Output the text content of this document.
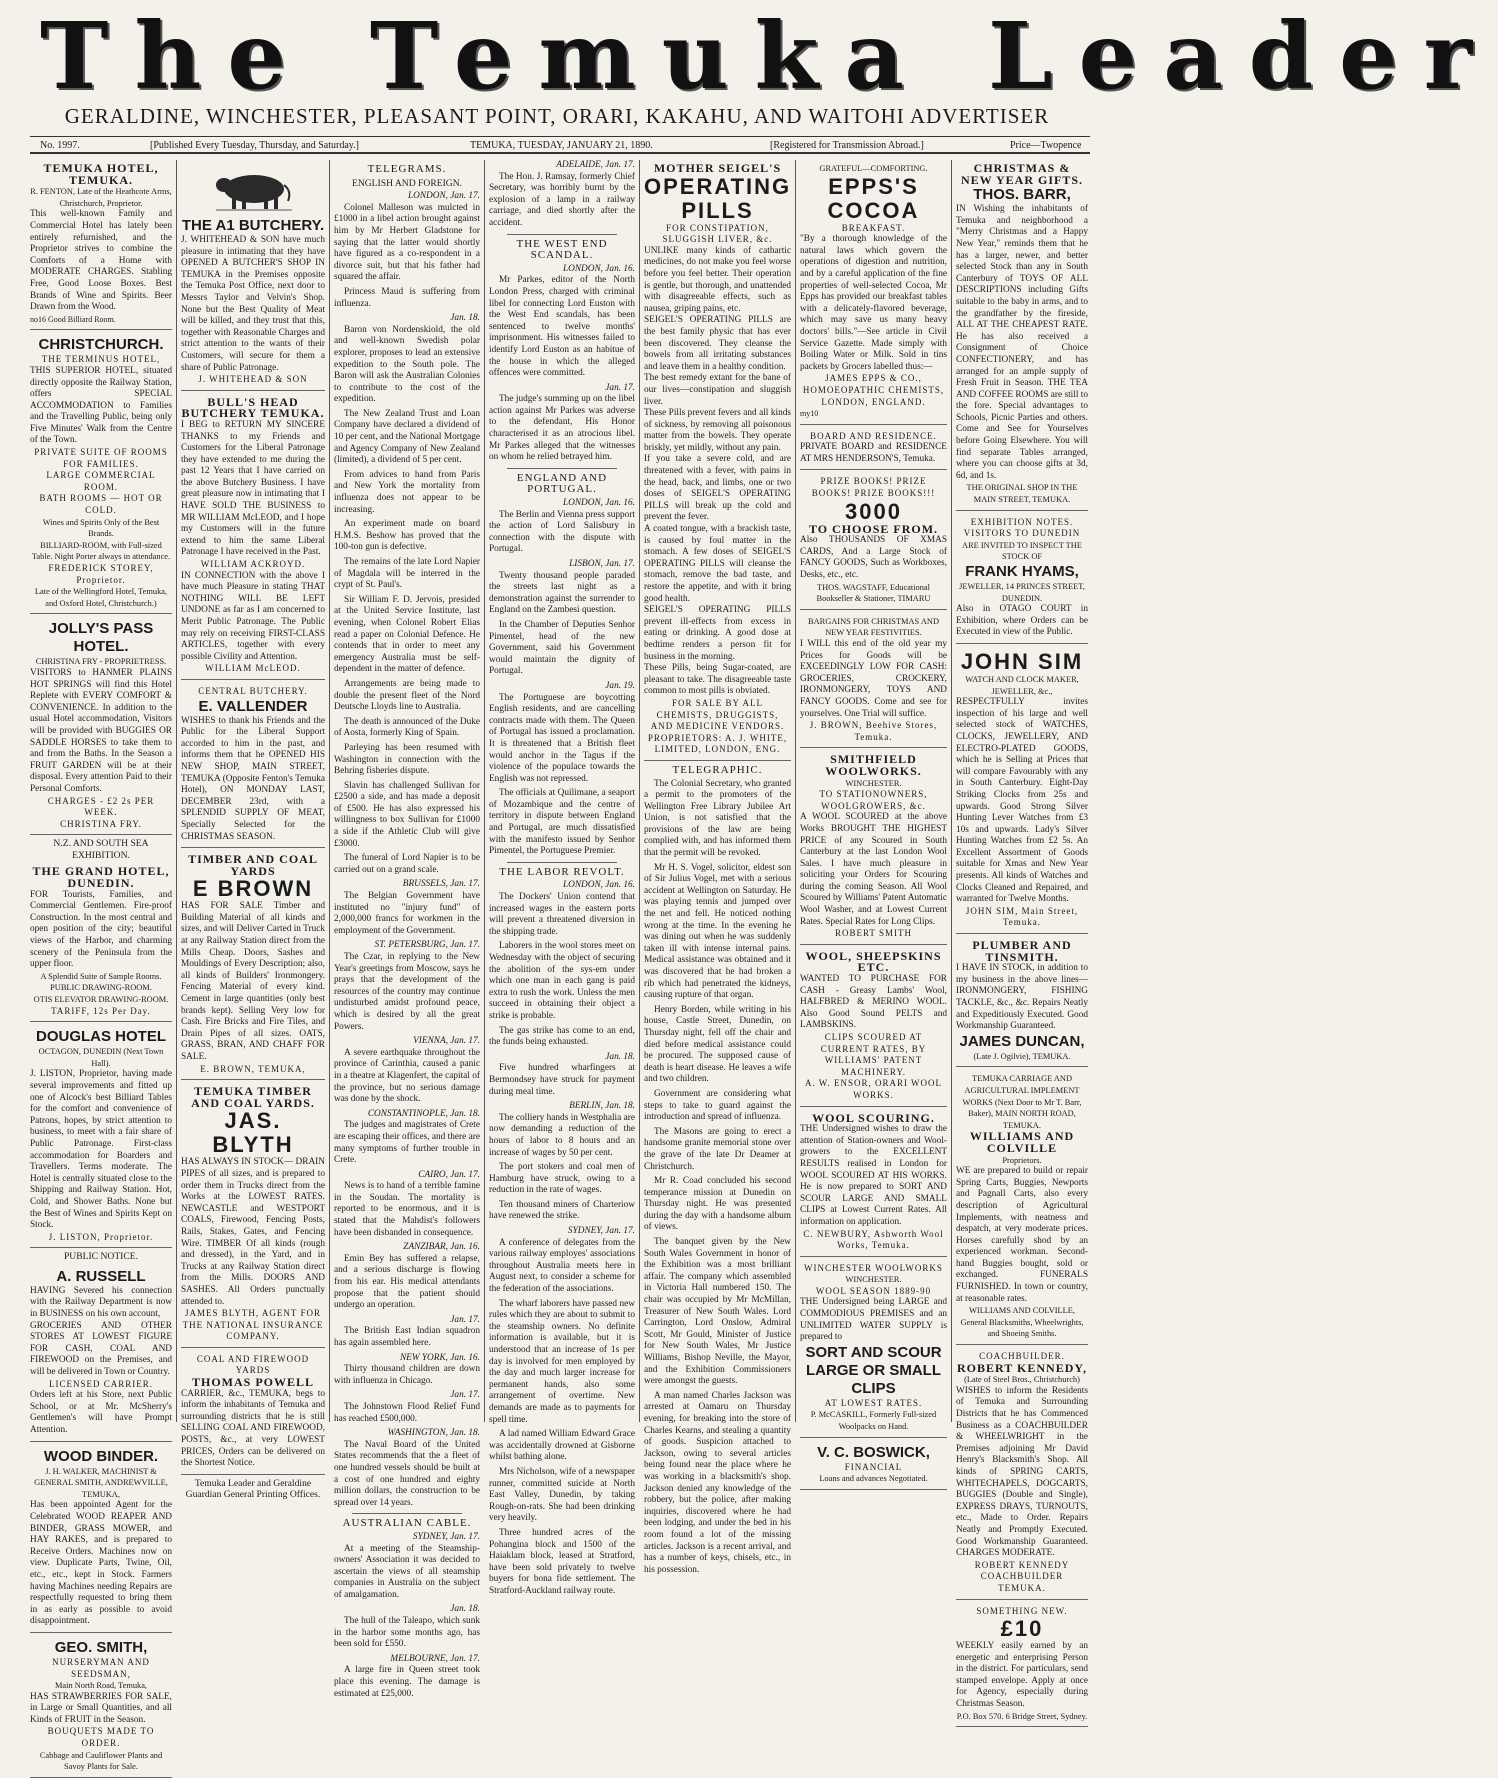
The Temuka Leader
GERALDINE, WINCHESTER, PLEASANT POINT, ORARI, KAKAHU, AND WAITOHI ADVERTISER
No. 1997.	[Published Every Tuesday, Thursday, and Saturday.]	TEMUKA, TUESDAY, JANUARY 21, 1890.	[Registered for Transmission Abroad.]	Price—Twopence
TEMUKA HOTEL, TEMUKA.
R. FENTON, Late of the Heathcote Arms, Christchurch, Proprietor.
This well-known Family and Commercial Hotel has lately been entirely refurnished, and the Proprietor strives to combine the Comforts of a Home with MODERATE CHARGES. Stabling Free, Good Loose Boxes. Best Brands of Wine and Spirits. Beer Drawn from the Wood.
no16 Good Billiard Room.
CHRISTCHURCH.
THE TERMINUS HOTEL,
THIS SUPERIOR HOTEL, situated directly opposite the Railway Station, offers SPECIAL ACCOMMODATION to Families and the Travelling Public, being only Five Minutes' Walk from the Centre of the Town.
PRIVATE SUITE OF ROOMS FOR FAMILIES.
LARGE COMMERCIAL ROOM.
BATH ROOMS — HOT OR COLD.
Wines and Spirits Only of the Best Brands.
BILLIARD-ROOM, with Full-sized Table. Night Porter always in attendance.
FREDERICK STOREY, Proprietor.
Late of the Wellingford Hotel, Temuka, and Oxford Hotel, Christchurch.)
JOLLY'S PASS HOTEL.
CHRISTINA FRY - PROPRIETRESS.
VISITORS to HANMER PLAINS HOT SPRINGS will find this Hotel Replete with EVERY COMFORT & CONVENIENCE. In addition to the usual Hotel accommodation, Visitors will be provided with BUGGIES OR SADDLE HORSES to take them to and from the Baths. In the Season a FRUIT GARDEN will be at their disposal. Every attention Paid to their Personal Comforts.
CHARGES - £2 2s PER WEEK.
CHRISTINA FRY.
N.Z. AND SOUTH SEA EXHIBITION.
THE GRAND HOTEL, DUNEDIN.
FOR Tourists, Families, and Commercial Gentlemen. Fire-proof Construction. In the most central and open position of the city; beautiful views of the Harbor, and charming scenery of the Peninsula from the upper floor.
A Splendid Suite of Sample Rooms.
PUBLIC DRAWING-ROOM.
OTIS ELEVATOR DRAWING-ROOM.
TARIFF, 12s Per Day.
DOUGLAS HOTEL
OCTAGON, DUNEDIN (Next Town Hall).
J. LISTON, Proprietor, having made several improvements and fitted up one of Alcock's best Billiard Tables for the comfort and convenience of Patrons, hopes, by strict attention to business, to meet with a fair share of Public Patronage. First-class accommodation for Boarders and Travellers. Terms moderate. The Hotel is centrally situated close to the Shipping and Railway Station. Hot, Cold, and Shower Baths. None but the Best of Wines and Spirits Kept on Stock.
J. LISTON, Proprietor.
PUBLIC NOTICE.
A. RUSSELL
HAVING Severed his connection with the Railway Department is now in BUSINESS on his own account,
GROCERIES AND OTHER STORES AT LOWEST FIGURE FOR CASH, COAL AND FIREWOOD on the Premises, and will be delivered in Town or Country.
LICENSED CARRIER.
Orders left at his Store, next Public School, or at Mr. McSherry's Gentlemen's will have Prompt Attention.
WOOD BINDER.
J. H. WALKER, MACHINIST & GENERAL SMITH, ANDREWVILLE, TEMUKA,
Has been appointed Agent for the Celebrated WOOD REAPER AND BINDER, GRASS MOWER, and HAY RAKES, and is prepared to Receive Orders. Machines now on view. Duplicate Parts, Twine, Oil, etc., etc., kept in Stock. Farmers having Machines needing Repairs are respectfully requested to bring them in as early as possible to avoid disappointment.
GEO. SMITH,
NURSERYMAN AND SEEDSMAN,
Main North Road, Temuka,
HAS STRAWBERRIES FOR SALE, in Large or Small Quantities, and all Kinds of FRUIT in the Season.
BOUQUETS MADE TO ORDER.
Cabbage and Cauliflower Plants and Savoy Plants for Sale.
THE A1 BUTCHERY.
J. WHITEHEAD & SON have much pleasure in intimating that they have OPENED A BUTCHER'S SHOP IN TEMUKA in the Premises opposite the Temuka Post Office, next door to Messrs Taylor and Velvin's Shop. None but the Best Quality of Meat will be killed, and they trust that this, together with Reasonable Charges and strict attention to the wants of their Customers, will secure for them a share of Public Patronage.
J. WHITEHEAD & SON
BULL'S HEAD BUTCHERY TEMUKA.
I BEG to RETURN MY SINCERE THANKS to my Friends and Customers for the Liberal Patronage they have extended to me during the past 12 Years that I have carried on the above Butchery Business. I have great pleasure now in intimating that I HAVE SOLD THE BUSINESS to MR WILLIAM McLEOD, and I hope my Customers will in the future extend to him the same Liberal Patronage I have received in the Past.
WILLIAM ACKROYD.
IN CONNECTION with the above I have much Pleasure in stating THAT NOTHING WILL BE LEFT UNDONE as far as I am concerned to Merit Public Patronage. The Public may rely on receiving FIRST-CLASS ARTICLES, together with every possible Civility and Attention.
WILLIAM McLEOD.
CENTRAL BUTCHERY.
E. VALLENDER
WISHES to thank his Friends and the Public for the Liberal Support accorded to him in the past, and informs them that he OPENED HIS NEW SHOP, MAIN STREET, TEMUKA (Opposite Fenton's Temuka Hotel), ON MONDAY LAST, DECEMBER 23rd, with a SPLENDID SUPPLY OF MEAT, Specially Selected for the CHRISTMAS SEASON.
TIMBER AND COAL YARDS
E BROWN
HAS FOR SALE Timber and Building Material of all kinds and sizes, and will Deliver Carted in Truck at any Railway Station direct from the Mills Cheap. Doors, Sashes and Mouldings of Every Description; also, all kinds of Builders' Ironmongery. Fencing Material of every kind. Cement in large quantities (only best brands kept). Selling Very low for Cash. Fire Bricks and Fire Tiles, and Drain Pipes of all sizes. OATS, GRASS, BRAN, AND CHAFF FOR SALE.
E. BROWN, TEMUKA,
TEMUKA TIMBER AND COAL YARDS.
JAS. BLYTH
HAS ALWAYS IN STOCK— DRAIN PIPES of all sizes, and is prepared to order them in Trucks direct from the Works at the LOWEST RATES. NEWCASTLE and WESTPORT COALS, Firewood, Fencing Posts, Rails, Stakes, Gates, and Fencing Wire. TIMBER Of all kinds (rough and dressed), in the Yard, and in Trucks at any Railway Station direct from the Mills. DOORS AND SASHES. All Orders punctually attended to.
JAMES BLYTH, AGENT FOR THE NATIONAL INSURANCE COMPANY.
COAL AND FIREWOOD YARDS
THOMAS POWELL
CARRIER, &c., TEMUKA, begs to inform the inhabitants of Temuka and surrounding districts that he is still SELLING COAL AND FIREWOOD, POSTS, &c., at very LOWEST PRICES, Orders can be delivered on the Shortest Notice.
Temuka Leader and Geraldine Guardian General Printing Offices.
TELEGRAMS.
ENGLISH AND FOREIGN.
LONDON, Jan. 17.

Colonel Malleson was mulcted in £1000 in a libel action brought against him by Mr Herbert Gladstone for saying that the latter would shortly have figured as a co-respondent in a divorce suit, but that his father had squared the affair.

Princess Maud is suffering from influenza.

Jan. 18.

Baron von Nordenskiold, the old and well-known Swedish polar explorer, proposes to lead an extensive expedition to the South pole. The Baron will ask the Australian Colonies to contribute to the cost of the expedition.

The New Zealand Trust and Loan Company have declared a dividend of 10 per cent, and the National Mortgage and Agency Company of New Zealand (limited), a dividend of 5 per cent.

From advices to hand from Paris and New York the mortality from influenza does not appear to be increasing.

An experiment made on board H.M.S. Beshow has proved that the 100-ton gun is defective.

The remains of the late Lord Napier of Magdala will be interred in the crypt of St. Paul's.

Sir William F. D. Jervois, presided at the United Service Institute, last evening, when Colonel Robert Elias read a paper on Colonial Defence. He contends that in order to meet any emergency Australia must be self-dependent in the matter of defence.

Arrangements are being made to double the present fleet of the Nord Deutsche Lloyds line to Australia.

The death is announced of the Duke of Aosta, formerly King of Spain.

Parleying has been resumed with Washington in connection with the Behring fisheries dispute.

Slavin has challenged Sullivan for £2500 a side, and has made a deposit of £500. He has also expressed his willingness to box Sullivan for £1000 a side if the Athletic Club will give £3000.

The funeral of Lord Napier is to be carried out on a grand scale.

BRUSSELS, Jan. 17.

The Belgian Government have instituted no "injury fund" of 2,000,000 francs for workmen in the employment of the Government.

ST. PETERSBURG, Jan. 17.

The Czar, in replying to the New Year's greetings from Moscow, says he prays that the development of the resources of the country may continue undisturbed amidst profound peace, which is desired by all the great Powers.

VIENNA, Jan. 17.

A severe earthquake throughout the province of Carinthia, caused a panic in a theatre at Klagenfert, the capital of the province, but no serious damage was done by the shock.

CONSTANTINOPLE, Jan. 18.

The judges and magistrates of Crete are escaping their offices, and there are many symptoms of further trouble in Crete.

CAIRO, Jan. 17.

News is to hand of a terrible famine in the Soudan. The mortality is reported to be enormous, and it is stated that the Mahdist's followers have been disbanded in consequence.

ZANZIBAR, Jan. 16.

Emin Bey has suffered a relapse, and a serious discharge is flowing from his ear. His medical attendants propose that the patient should undergo an operation.

Jan. 17.

The British East Indian squadron has again assembled here.

NEW YORK, Jan. 16.

Thirty thousand children are down with influenza in Chicago.

Jan. 17.

The Johnstown Flood Relief Fund has reached £500,000.

WASHINGTON, Jan. 18.

The Naval Board of the United States recommends that the a fleet of one hundred vessels should be built at a cost of one hundred and eighty million dollars, the construction to be spread over 14 years.

AUSTRALIAN CABLE.
SYDNEY, Jan. 17.

At a meeting of the Steamship-owners' Association it was decided to ascertain the views of all steamship companies in Australia on the subject of amalgamation.

Jan. 18.

The hull of the Taleapo, which sunk in the harbor some months ago, has been sold for £550.

MELBOURNE, Jan. 17.

A large fire in Queen street took place this evening. The damage is estimated at £25,000.

ADELAIDE, Jan. 17.

The Hon. J. Ramsay, formerly Chief Secretary, was horribly burnt by the explosion of a lamp in a railway carriage, and died shortly after the accident.

THE WEST END SCANDAL.
LONDON, Jan. 16.

Mr Parkes, editor of the North London Press, charged with criminal libel for connecting Lord Euston with the West End scandals, has been sentenced to twelve months' imprisonment. His witnesses failed to identify Lord Euston as an habitue of the house in which the alleged offences were committed.

Jan. 17.

The judge's summing up on the libel action against Mr Parkes was adverse to the defendant, His Honor characterised it as an atrocious libel. Mr Parkes alleged that the witnesses on whom he relied betrayed him.

ENGLAND AND PORTUGAL.
LONDON, Jan. 16.

The Berlin and Vienna press support the action of Lord Salisbury in connection with the dispute with Portugal.

LISBON, Jan. 17.

Twenty thousand people paraded the streets last night as a demonstration against the surrender to England on the Zambesi question.

In the Chamber of Deputies Senhor Pimentel, head of the new Government, said his Government would maintain the dignity of Portugal.

Jan. 19.

The Portuguese are boycotting English residents, and are cancelling contracts made with them. The Queen of Portugal has issued a proclamation. It is threatened that a British fleet would anchor in the Tagus if the violence of the populace towards the English was not repressed.

The officials at Quilimane, a seaport of Mozambique and the centre of territory in dispute between England and Portugal, are much dissatisfied with the manifesto issued by Senhor Pimentel, the Portuguese Premier.

THE LABOR REVOLT.
LONDON, Jan. 16.

The Dockers' Union contend that increased wages in the eastern ports will prevent a threatened diversion in the shipping trade.

Laborers in the wool stores meet on Wednesday with the object of securing the abolition of the sys-em under which one man in each gang is paid extra to rush the work. Unless the men succeed in obtaining their object a strike is probable.

The gas strike has come to an end, the funds being exhausted.

Jan. 18.

Five hundred wharfingers at Bermondsey have struck for payment during meal time.

BERLIN, Jan. 18.

The colliery hands in Westphalia are now demanding a reduction of the hours of labor to 8 hours and an increase of wages by 50 per cent.

The port stokers and coal men of Hamburg have struck, owing to a reduction in the rate of wages.

Ten thousand miners of Charteriow have renewed the strike.

SYDNEY, Jan. 17.

A conference of delegates from the various railway employes' associations throughout Australia meets here in August next, to consider a scheme for the federation of the associations.

The wharf laborers have passed new rules which they are about to submit to the steamship owners. No definite information is available, but it is understood that an increase of 1s per day is involved for men employed by the day and much larger increase for permanent hands, also some arrangement of overtime. New demands are made as to payments for spell time.

A lad named William Edward Grace was accidentally drowned at Gisborne whilst bathing alone.

Mrs Nicholson, wife of a newspaper runner, committed suicide at North East Valley, Dunedin, by taking Rough-on-rats. She had been drinking very heavily.

Three hundred acres of the Pohangina block and 1500 of the Haiaklam block, leased at Stratford, have been sold privately to twelve buyers for bona fide settlement. The Stratford-Auckland railway route.

MOTHER SEIGEL'S
OPERATING PILLS
FOR CONSTIPATION, SLUGGISH LIVER, &c.
UNLIKE many kinds of cathartic medicines, do not make you feel worse before you feel better. Their operation is gentle, but thorough, and unattended with disagreeable effects, such as nausea, griping pains, etc.
SEIGEL'S OPERATING PILLS are the best family physic that has ever been discovered. They cleanse the bowels from all irritating substances and leave them in a healthy condition.
The best remedy extant for the bane of our lives—constipation and sluggish liver.
These Pills prevent fevers and all kinds of sickness, by removing all poisonous matter from the bowels. They operate briskly, yet mildly, without any pain.
If you take a severe cold, and are threatened with a fever, with pains in the head, back, and limbs, one or two doses of SEIGEL'S OPERATING PILLS will break up the cold and prevent the fever.
A coated tongue, with a brackish taste, is caused by foul matter in the stomach. A few doses of SEIGEL'S OPERATING PILLS will cleanse the stomach, remove the bad taste, and restore the appetite, and with it bring good health.
SEIGEL'S OPERATING PILLS prevent ill-effects from excess in eating or drinking. A good dose at bedtime renders a person fit for business in the morning.
These Pills, being Sugar-coated, are pleasant to take. The disagreeable taste common to most pills is obviated.
FOR SALE BY ALL CHEMISTS, DRUGGISTS, AND MEDICINE VENDORS.
PROPRIETORS: A. J. WHITE, LIMITED, LONDON, ENG.
TELEGRAPHIC.

The Colonial Secretary, who granted a permit to the promoters of the Wellington Free Library Jubilee Art Union, is not satisfied that the provisions of the law are being complied with, and has informed them that the permit will be revoked.

Mr H. S. Vogel, solicitor, eldest son of Sir Julius Vogel, met with a serious accident at Wellington on Saturday. He was playing tennis and jumped over the net and fell. He noticed nothing wrong at the time. In the evening he was dining out when he was suddenly taken ill with intense internal pains. Medical assistance was obtained and it was discovered that he had broken a rib which had penetrated the kidneys, causing rupture of that organ.

Henry Borden, while writing in his house, Castle Street, Dunedin, on Thursday night, fell off the chair and died before medical assistance could be procured. The supposed cause of death is heart disease. He leaves a wife and two children.

Government are considering what steps to take to guard against the introduction and spread of influenza.

The Masons are going to erect a handsome granite memorial stone over the grave of the late Dr Deamer at Christchurch.

Mr R. Coad concluded his second temperance mission at Dunedin on Thursday night. He was presented during the day with a handsome album of views.

The banquet given by the New South Wales Government in honor of the Exhibition was a most brilliant affair. The company which assembled in Victoria Hall numbered 150. The chair was occupied by Mr McMillan, Treasurer of New South Wales. Lord Carrington, Lord Onslow, Admiral Scott, Mr Gould, Minister of Justice for New South Wales, Mr Justice Williams, Bishop Neville, the Mayor, and the Exhibition Commissioners were amongst the guests.

A man named Charles Jackson was arrested at Oamaru on Thursday evening, for breaking into the store of Charles Kearns, and stealing a quantity of goods. Suspicion attached to Jackson, owing to several articles being found near the place where he was working in a blacksmith's shop. Jackson denied any knowledge of the robbery, but the police, after making inquiries, discovered where he had been lodging, and under the bed in his room found a lot of the missing articles. Jackson is a recent arrival, and has a number of keys, chisels, etc., in his possession.

GRATEFUL—COMFORTING.
EPPS'S COCOA
BREAKFAST.
"By a thorough knowledge of the natural laws which govern the operations of digestion and nutrition, and by a careful application of the fine properties of well-selected Cocoa, Mr Epps has provided our breakfast tables with a delicately-flavored beverage, which may save us many heavy doctors' bills."—See article in Civil Service Gazette. Made simply with Boiling Water or Milk. Sold in tins packets by Grocers labelled thus:—
JAMES EPPS & CO., HOMOEOPATHIC CHEMISTS, LONDON, ENGLAND.
my10
BOARD AND RESIDENCE.
PRIVATE BOARD and RESIDENCE AT MRS HENDERSON'S, Temuka.
PRIZE BOOKS! PRIZE BOOKS! PRIZE BOOKS!!!
3000
TO CHOOSE FROM.
Also THOUSANDS OF XMAS CARDS, And a Large Stock of FANCY GOODS, Such as Workboxes, Desks, etc., etc.
THOS. WAGSTAFF, Educational Bookseller & Stationer, TIMARU
BARGAINS FOR CHRISTMAS AND NEW YEAR FESTIVITIES.
I WILL this end of the old year my Prices for Goods will be EXCEEDINGLY LOW FOR CASH: GROCERIES, CROCKERY, IRONMONGERY, TOYS AND FANCY GOODS. Come and see for yourselves. One Trial will suffice.
J. BROWN, Beehive Stores, Temuka.
SMITHFIELD WOOLWORKS.
WINCHESTER.
TO STATIONOWNERS, WOOLGROWERS, &c.
A WOOL SCOURED at the above Works BROUGHT THE HIGHEST PRICE of any Scoured in South Canterbury at the last London Wool Sales. I have much pleasure in soliciting your Orders for Scouring during the coming Season. All Wool Scoured by Williams' Patent Automatic Wool Washer, and at Lowest Current Rates. Special Rates for Long Clips.
ROBERT SMITH
WOOL, SHEEPSKINS ETC.
WANTED TO PURCHASE FOR CASH - Greasy Lambs' Wool, HALFBRED & MERINO WOOL. Also Good Sound PELTS and LAMBSKINS.
CLIPS SCOURED AT CURRENT RATES, BY WILLIAMS' PATENT MACHINERY.
A. W. ENSOR, ORARI WOOL WORKS.
WOOL SCOURING.
THE Undersigned wishes to draw the attention of Station-owners and Wool-growers to the EXCELLENT RESULTS realised in London for WOOL SCOURED AT HIS WORKS. He is now prepared to SORT AND SCOUR LARGE AND SMALL CLIPS at Lowest Current Rates. All information on application.
C. NEWBURY, Ashworth Wool Works, Temuka.
WINCHESTER WOOLWORKS
WINCHESTER.
WOOL SEASON 1889-90
THE Undersigned being LARGE and COMMODIOUS PREMISES and an UNLIMITED WATER SUPPLY is prepared to
SORT AND SCOUR LARGE OR SMALL CLIPS
AT LOWEST RATES.
P. McCASKILL, Formerly Full-sized Woolpacks on Hand.
V. C. BOSWICK,
FINANCIAL
Loans and advances Negotiated.
CHRISTMAS & NEW YEAR GIFTS.
THOS. BARR,
IN Wishing the inhabitants of Temuka and neighborhood a "Merry Christmas and a Happy New Year," reminds them that he has a larger, newer, and better selected Stock than any in South Canterbury of TOYS OF ALL DESCRIPTIONS including Gifts suitable to the baby in arms, and to the grandfather by the fireside, ALL AT THE CHEAPEST RATE. He has also received a Consignment of Choice CONFECTIONERY, and has arranged for an ample supply of Fresh Fruit in Season. THE TEA AND COFFEE ROOMS are still to the fore. Special advantages to Schools, Picnic Parties and others. Come and See for Yourselves before Going Elsewhere. You will find separate Tables arranged, where you can choose gifts at 3d, 6d, and 1s.
THE ORIGINAL SHOP IN THE MAIN STREET, TEMUKA.
EXHIBITION NOTES.
VISITORS TO DUNEDIN
ARE INVITED TO INSPECT THE STOCK OF
FRANK HYAMS,
JEWELLER, 14 PRINCES STREET, DUNEDIN.
Also in OTAGO COURT in Exhibition, where Orders can be Executed in view of the Public.
JOHN SIM
WATCH AND CLOCK MAKER, JEWELLER, &c.,
RESPECTFULLY invites inspection of his large and well selected stock of WATCHES, CLOCKS, JEWELLERY, AND ELECTRO-PLATED GOODS, which he is Selling at Prices that will compare Favourably with any in South Canterbury. Eight-Day Striking Clocks from 25s and upwards. Good Strong Silver Hunting Lever Watches from £3 10s and upwards. Lady's Silver Hunting Watches from £2 5s. An Excellent Assortment of Goods suitable for Xmas and New Year presents. All kinds of Watches and Clocks Cleaned and Repaired, and warranted for Twelve Months.
JOHN SIM, Main Street, Temuka.
PLUMBER AND TINSMITH.
I HAVE IN STOCK, in addition to my business in the above lines— IRONMONGERY, FISHING TACKLE, &c., &c. Repairs Neatly and Expeditiously Executed. Good Workmanship Guaranteed.
JAMES DUNCAN,
(Late J. Ogilvie), TEMUKA.
TEMUKA CARRIAGE AND AGRICULTURAL IMPLEMENT WORKS (Next Door to Mr T. Barr, Baker), MAIN NORTH ROAD, TEMUKA.
WILLIAMS AND COLVILLE
Proprietors.
WE are prepared to build or repair Spring Carts, Buggies, Newports and Pagnall Carts, also every description of Agricultural Implements, with neatness and despatch, at very moderate prices. Horses carefully shod by an experienced workman. Second-hand Buggies bought, sold or exchanged. FUNERALS FURNISHED. In town or country, at reasonable rates.
WILLIAMS AND COLVILLE, General Blacksmiths, Wheelwrights, and Shoeing Smiths.
COACHBUILDER.
ROBERT KENNEDY,
(Late of Steel Bros., Christchurch)
WISHES to inform the Residents of Temuka and Surrounding Districts that he has Commenced Business as a COACHBUILDER & WHEELWRIGHT in the Premises adjoining Mr David Henry's Blacksmith's Shop. All kinds of SPRING CARTS, WHITECHAPELS, DOGCARTS, BUGGIES (Double and Single), EXPRESS DRAYS, TURNOUTS, etc., Made to Order. Repairs Neatly and Promptly Executed. Good Workmanship Guaranteed. CHARGES MODERATE.
ROBERT KENNEDY COACHBUILDER TEMUKA.
SOMETHING NEW.
£10
WEEKLY easily earned by an energetic and enterprising Person in the district. For particulars, send stamped envelope. Apply at once for Agency, especially during Christmas Season.
P.O. Box 570. 6 Bridge Street, Sydney.
